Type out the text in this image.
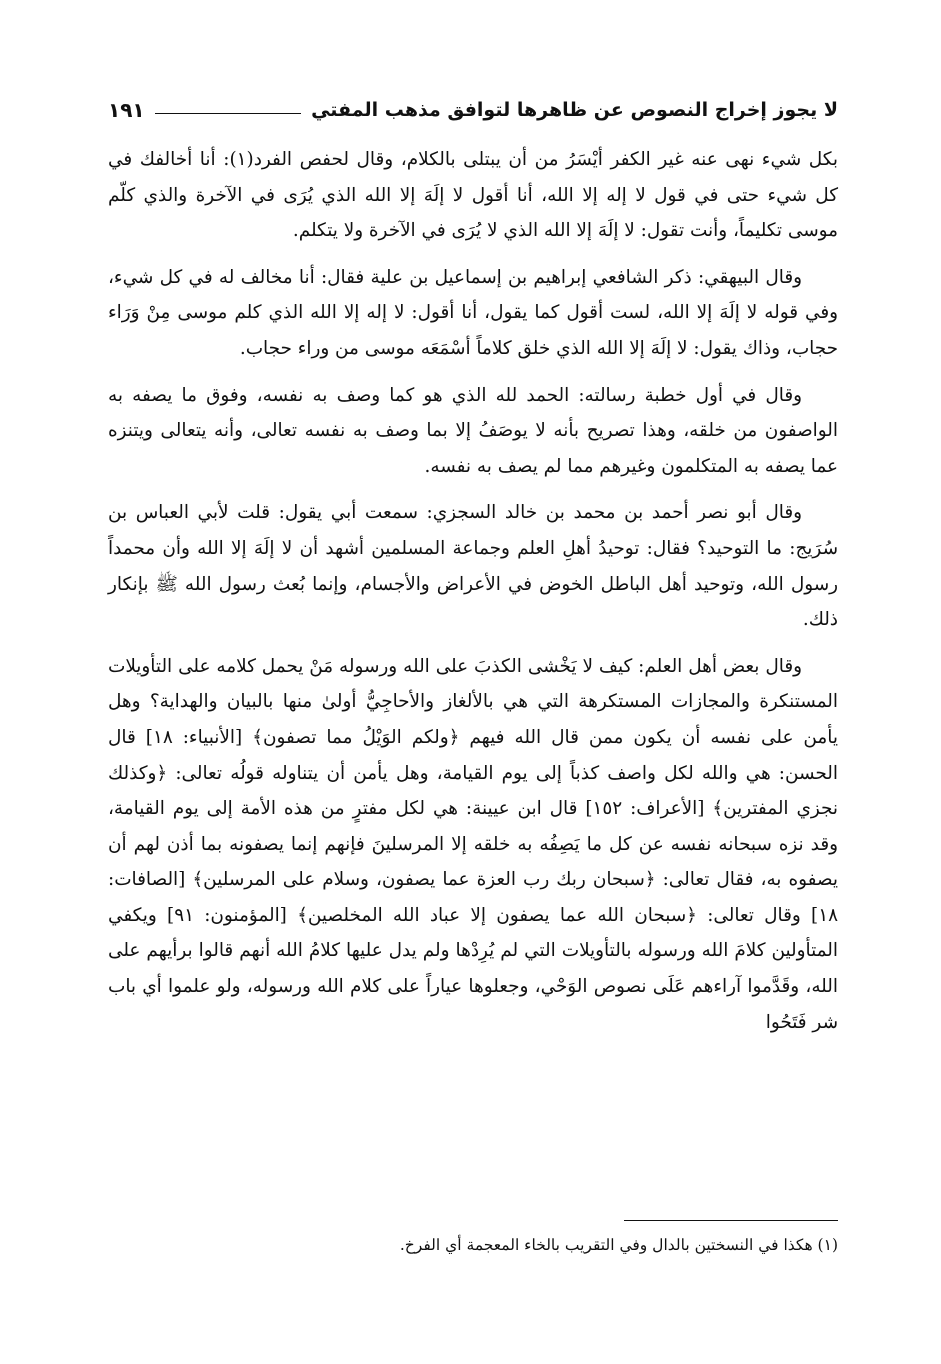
لا يجوز إخراج النصوص عن ظاهرها لتوافق مذهب المفتي
١٩١

بكل شيء نهى عنه غير الكفر أيْسَرُ من أن يبتلى بالكلام، وقال لحفص الفرد(١): أنا أخالفك في كل شيء حتى في قول لا إله إلا الله، أنا أقول لا إلَهَ إلا الله الذي يُرَى في الآخرة والذي كلّم موسى تكليماً، وأنت تقول: لا إلَهَ إلا الله الذي لا يُرَى في الآخرة ولا يتكلم.

وقال البيهقي: ذكر الشافعي إبراهيم بن إسماعيل بن علية فقال: أنا مخالف له في كل شيء، وفي قوله لا إلَهَ إلا الله، لست أقول كما يقول، أنا أقول: لا إله إلا الله الذي كلم موسى مِنْ وَرَاء حجاب، وذاك يقول: لا إلَهَ إلا الله الذي خلق كلاماً أسْمَعَه موسى من وراء حجاب.

وقال في أول خطبة رسالته: الحمد لله الذي هو كما وصف به نفسه، وفوق ما يصفه به الواصفون من خلقه، وهذا تصريح بأنه لا يوصَفُ إلا بما وصف به نفسه تعالى، وأنه يتعالى ويتنزه عما يصفه به المتكلمون وغيرهم مما لم يصف به نفسه.

وقال أبو نصر أحمد بن محمد بن خالد السجزي: سمعت أبي يقول: قلت لأبي العباس بن سُرَيج: ما التوحيد؟ فقال: توحيدُ أهلِ العلم وجماعة المسلمين أشهد أن لا إلَهَ إلا الله وأن محمداً رسول الله، وتوحيد أهل الباطل الخوض في الأعراض والأجسام، وإنما بُعث رسول الله ﷺ بإنكار ذلك.

وقال بعض أهل العلم: كيف لا يَخْشى الكذبَ على الله ورسوله مَنْ يحمل كلامه على التأويلات المستنكرة والمجازات المستكرهة التي هي بالألغاز والأحاجِيُّ أولىٰ منها بالبيان والهداية؟ وهل يأمن على نفسه أن يكون ممن قال الله فيهم ﴿ولكم الوَيْلُ مما تصفون﴾ [الأنبياء: ١٨] قال الحسن: هي والله لكل واصف كذباً إلى يوم القيامة، وهل يأمن أن يتناوله قولُه تعالى: ﴿وكذلك نجزي المفترين﴾ [الأعراف: ١٥٢] قال ابن عيينة: هي لكل مفترٍ من هذه الأمة إلى يوم القيامة، وقد نزه سبحانه نفسه عن كل ما يَصِفُه به خلقه إلا المرسلينَ فإنهم إنما يصفونه بما أذن لهم أن يصفوه به، فقال تعالى: ﴿سبحان ربك رب العزة عما يصفون، وسلام على المرسلين﴾ [الصافات: ١٨] وقال تعالى: ﴿سبحان الله عما يصفون إلا عباد الله المخلصين﴾ [المؤمنون: ٩١] ويكفي المتأولين كلامَ الله ورسوله بالتأويلات التي لم يُرِدْها ولم يدل عليها كلامُ الله أنهم قالوا برأيهم على الله، وقَدَّموا آراءهم عَلَى نصوص الوَحْي، وجعلوها عياراً على كلام الله ورسوله، ولو علموا أي باب شر فَتَحُوا

(١) هكذا في النسختين بالدال وفي التقريب بالخاء المعجمة أي الفرخ.
